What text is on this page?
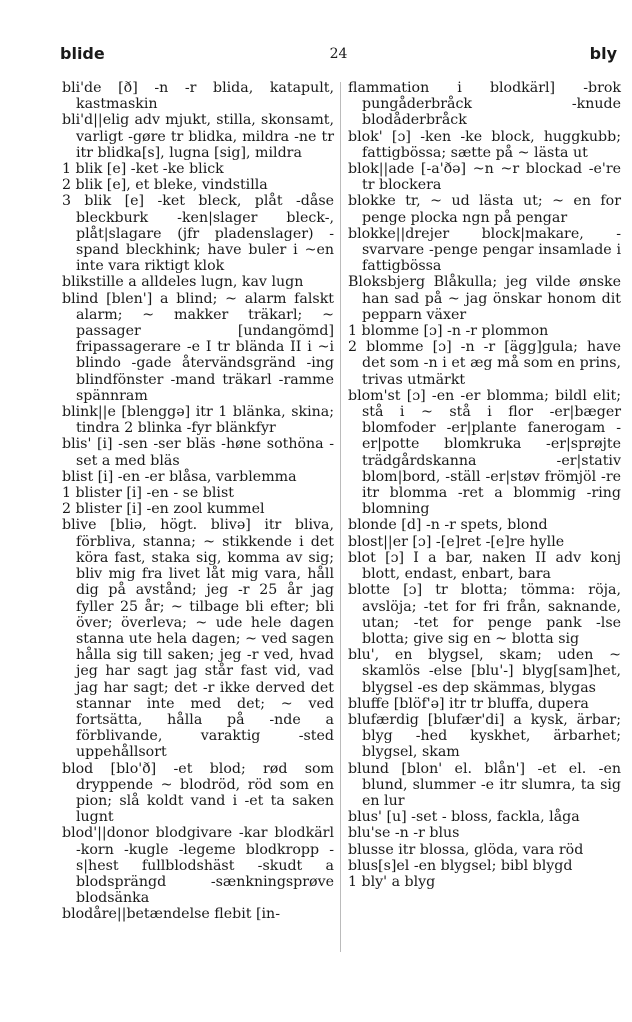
blide	24	bly

bli'de [ð] -n -r blida, katapult, kastmaskin

bli'd||elig adv mjukt, stilla, skonsamt, varligt -gøre tr blidka, mildra -ne tr itr blidka[s], lugna [sig], mildra

1 blik [e] -ket -ke blick

2 blik [e], et bleke, vindstilla

3 blik [e] -ket bleck, plåt -dåse bleckburk -ken|slager bleck-, plåt|slagare (jfr pladenslager) -spand bleckhink; have buler i ~en inte vara riktigt klok

blikstille a alldeles lugn, kav lugn

blind [blen'] a blind; ~ alarm falskt alarm; ~ makker träkarl; ~ passager [undangömd] fripassagerare -e I tr blända II i ~i blindo -gade återvändsgränd -ing blindfönster -mand träkarl -ramme spännram

blink||e [blenggə] itr 1 blänka, skina; tindra 2 blinka -fyr blänkfyr

blis' [i] -sen -ser bläs -høne sothöna -set a med bläs

blist [i] -en -er blåsa, varblemma

1 blister [i] -en - se blist

2 blister [i] -en zool kummel

blive [bliə, högt. blivə] itr bliva, förbliva, stanna; ~ stikkende i det köra fast, staka sig, komma av sig; bliv mig fra livet låt mig vara, håll dig på avstånd; jeg -r 25 år jag fyller 25 år; ~ tilbage bli efter; bli över; överleva; ~ ude hele dagen stanna ute hela dagen; ~ ved sagen hålla sig till saken; jeg -r ved, hvad jeg har sagt jag står fast vid, vad jag har sagt; det -r ikke derved det stannar inte med det; ~ ved fortsätta, hålla på -nde a förblivande, varaktig -sted uppehållsort

blod [blo'ð] -et blod; rød som dryppende ~ blodröd, röd som en pion; slå koldt vand i -et ta saken lugnt

blod'||donor blodgivare -kar blodkärl -korn -kugle -legeme blodkropp -s|hest fullblodshäst -skudt a blodsprängd -sænkningsprøve blodsänka

blodåre||betændelse flebit [in-

flammation i blodkärl] -brok pungåderbråck -knude blodåderbråck

blok' [ɔ] -ken -ke block, huggkubb; fattigbössa; sætte på ~ lästa ut

blok||ade [-a'ðə] ~n ~r blockad -e're tr blockera

blokke tr, ~ ud lästa ut; ~ en for penge plocka ngn på pengar

blokke||drejer block|makare, -svarvare -penge pengar insamlade i fattigbössa

Bloksbjerg Blåkulla; jeg vilde ønske han sad på ~ jag önskar honom dit pepparn växer

1 blomme [ɔ] -n -r plommon

2 blomme [ɔ] -n -r [ägg]gula; have det som -n i et æg må som en prins, trivas utmärkt

blom'st [ɔ] -en -er blomma; bildl elit; stå i ~ stå i flor -er|bæger blomfoder -er|plante fanerogam -er|potte blomkruka -er|sprøjte trädgårdskanna -er|stativ blom|bord, -ställ -er|støv frömjöl -re itr blomma -ret a blommig -ring blomning

blonde [d] -n -r spets, blond

blost||er [ɔ] -[e]ret -[e]re hylle

blot [ɔ] I a bar, naken II adv konj blott, endast, enbart, bara

blotte [ɔ] tr blotta; tömma: röja, avslöja; -tet for fri från, saknande, utan; -tet for penge pank -lse blotta; give sig en ~ blotta sig

blu', en blygsel, skam; uden ~ skamlös -else [blu'-] blyg[sam]het, blygsel -es dep skämmas, blygas

bluffe [blöf'ə] itr tr bluffa, dupera

blufærdig [blufær'di] a kysk, ärbar; blyg -hed kyskhet, ärbarhet; blygsel, skam

blund [blon' el. blån'] -et el. -en blund, slummer -e itr slumra, ta sig en lur

blus' [u] -set - bloss, fackla, låga

blu'se -n -r blus

blusse itr blossa, glöda, vara röd

blus[s]el -en blygsel; bibl blygd

1 bly' a blyg
